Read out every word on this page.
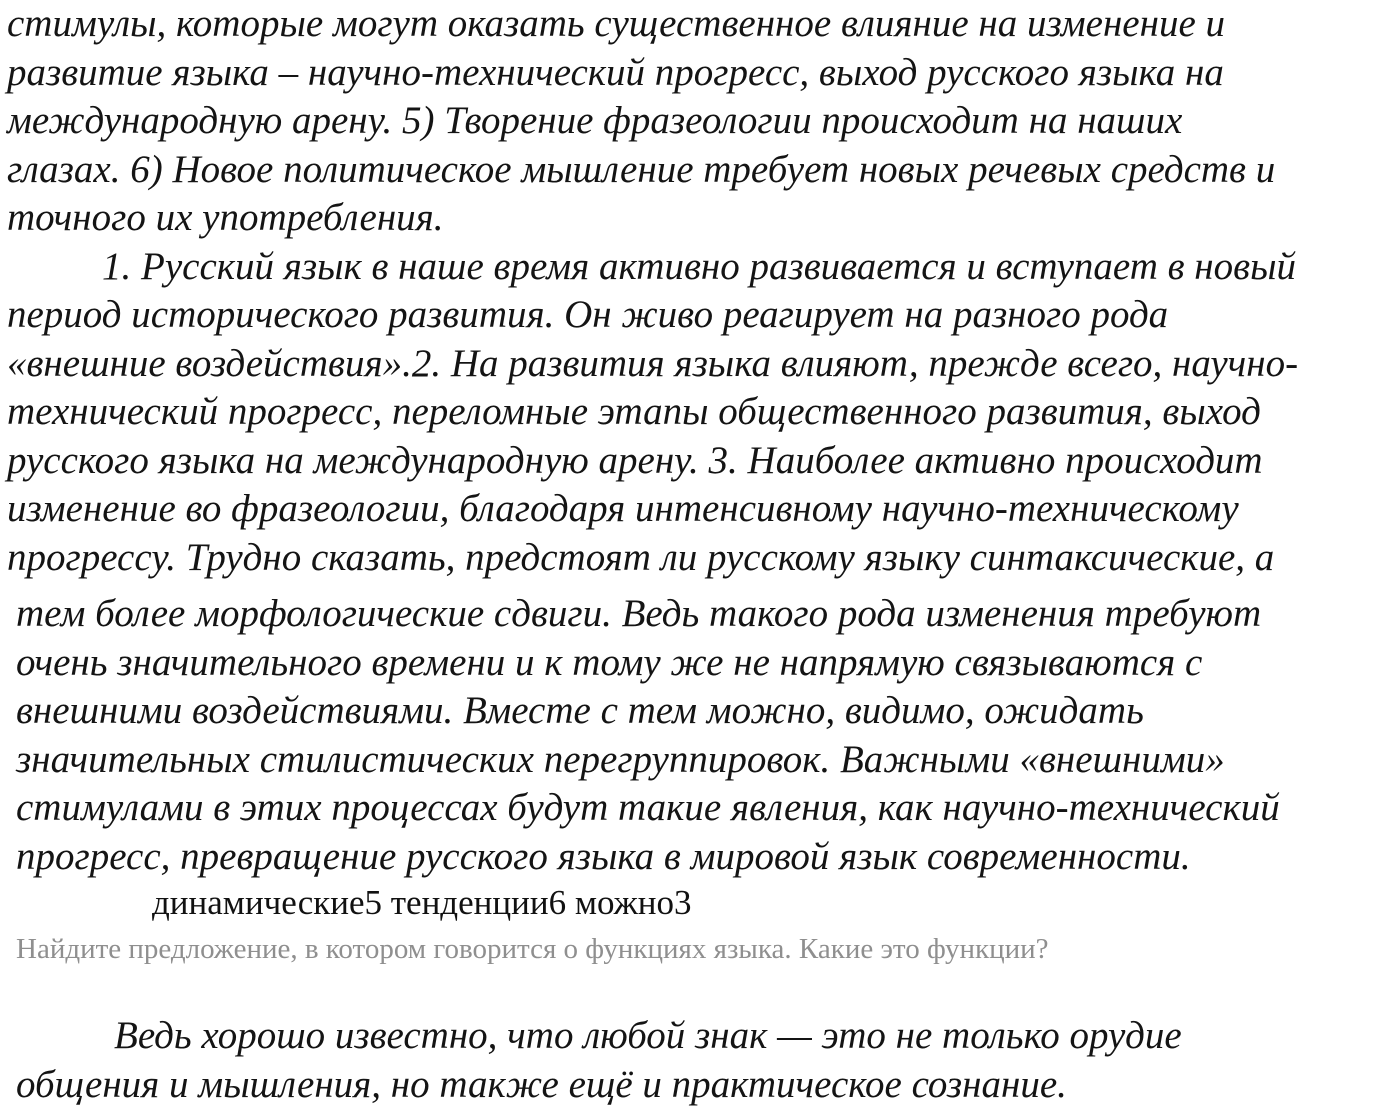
стимулы, которые могут оказать существенное влияние на изменение и
развитие языка – научно-технический прогресс, выход русского языка на
международную арену. 5) Творение фразеологии происходит на наших
глазах. 6) Новое политическое мышление требует новых речевых средств и
точного их употребления.
1. Русский язык в наше время активно развивается и вступает в новый
период исторического развития. Он живо реагирует на разного рода
«внешние воздействия».2. На развития языка влияют, прежде всего, научно-
технический прогресс, переломные этапы общественного развития, выход
русского языка на международную арену. 3. Наиболее активно происходит
изменение во фразеологии, благодаря интенсивному научно-техническому
прогрессу. Трудно сказать, предстоят ли русскому языку синтаксические, а
тем более морфологические сдвиги. Ведь такого рода изменения требуют
очень значительного времени и к тому же не напрямую связываются с
внешними воздействиями. Вместе с тем можно, видимо, ожидать
значительных стилистических перегруппировок. Важными «внешними»
стимулами в этих процессах будут такие явления, как научно-технический
прогресс, превращение русского языка в мировой язык современности.
динамические5 тенденции6 можно3
Найдите предложение, в котором говорится о функциях языка. Какие это функции?
Ведь хорошо известно, что любой знак — это не только орудие
общения и мышления, но также ещё и практическое сознание.
